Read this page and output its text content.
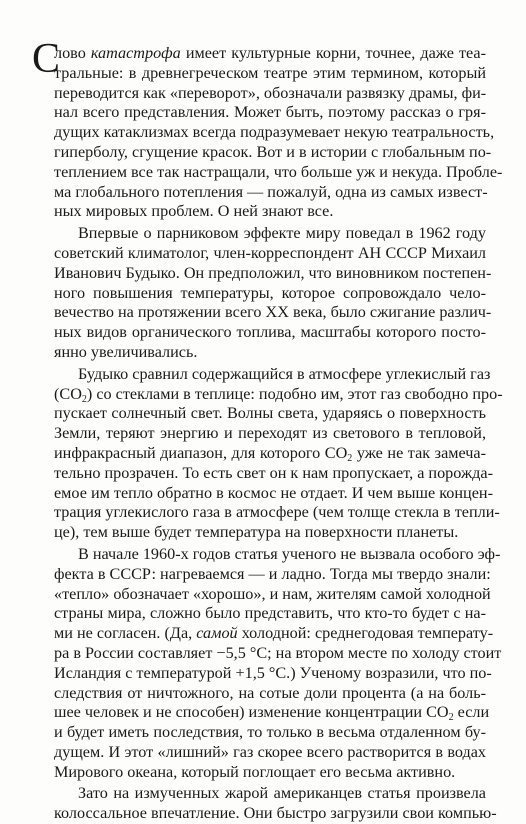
С
лово катастрофа имеет культурные корни, точнее, даже теа-
тральные: в древнегреческом театре этим термином, который
переводится как «переворот», обозначали развязку драмы, фи-
нал всего представления. Может быть, поэтому рассказ о гря-
дущих катаклизмах всегда подразумевает некую театральность,
гиперболу, сгущение красок. Вот и в истории с глобальным по-
теплением все так настращали, что больше уж и некуда. Пробле-
ма глобального потепления — пожалуй, одна из самых извест-
ных мировых проблем. О ней знают все.
Впервые о парниковом эффекте миру поведал в 1962 году
советский климатолог, член-корреспондент АН СССР Михаил
Иванович Будыко. Он предположил, что виновником постепен-
ного повышения температуры, которое сопровождало чело-
вечество на протяжении всего XX века, было сжигание различ-
ных видов органического топлива, масштабы которого посто-
янно увеличивались.
Будыко сравнил содержащийся в атмосфере углекислый газ
$(СО_2)$ со стеклами в теплице: подобно им, этот газ свободно про-
пускает солнечный свет. Волны света, ударяясь о поверхность
Земли, теряют энергию и переходят из светового в тепловой,
инфракрасный диапазон, для которого $СО_2$ уже не так замеча-
тельно прозрачен. То есть свет он к нам пропускает, а порожда-
емое им тепло обратно в космос не отдает. И чем выше концен-
трация углекислого газа в атмосфере (чем толще стекла в тепли-
це), тем выше будет температура на поверхности планеты.
В начале 1960-х годов статья ученого не вызвала особого эф-
фекта в СССР: нагреваемся — и ладно. Тогда мы твердо знали:
«тепло» обозначает «хорошо», и нам, жителям самой холодной
страны мира, сложно было представить, что кто-то будет с на-
ми не согласен. (Да, самой холодной: среднегодовая температу-
ра в России составляет −5,5 °С; на втором месте по холоду стоит
Исландия с температурой +1,5 °С.) Ученому возразили, что по-
следствия от ничтожного, на сотые доли процента (а на боль-
шее человек и не способен) изменение концентрации $СО_2$ если
и будет иметь последствия, то только в весьма отдаленном бу-
дущем. И этот «лишний» газ скорее всего растворится в водах
Мирового океана, который поглощает его весьма активно.
Зато на измученных жарой американцев статья произвела
колоссальное впечатление. Они быстро загрузили свои компью-
